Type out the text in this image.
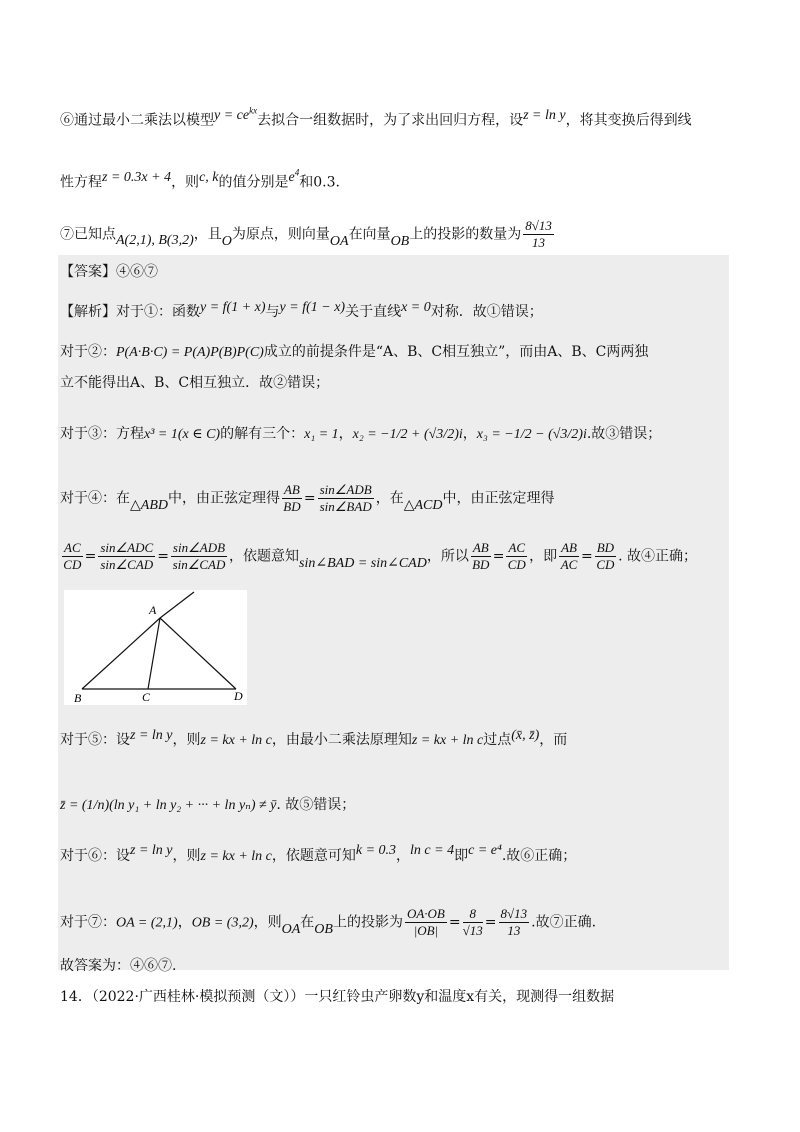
⑥通过最小二乘法以模型$y = ce^{kx}$去拟合一组数据时，为了求出回归方程，设z = ln y，将其变换后得到线
性方程z = 0.3x + 4，则c, k的值分别是$e^4$和0.3.
⑦已知点A(2,1), B(3,2)，且O为原点，则向量OA在向量OB上的投影的数量为 $\frac{8√13}{13}$
【答案】④⑥⑦
【解析】对于①：函数y = f(1 + x)与y = f(1 − x)关于直线x = 0对称．故①错误；
对于②：P(A·B·C) = P(A)P(B)P(C)成立的前提条件是“A、B、C相互独立”，而由A、B、C两两独
立不能得出A、B、C相互独立．故②错误；
对于③：方程x³ = 1(x ∈ C)的解有三个：x₁ = 1，x₂ = −1/2 + (√3/2)i，x₃ = −1/2 − (√3/2)i.故③错误；
对于④：在△ABD中，由正弦定理得 $\frac{AB}{BD} = \frac{\text{sin∠ADB}}{\text{sin∠BAD}}$ ，在△ACD中，由正弦定理得
$\frac{AC}{CD} = \frac{\text{sin∠ADC}}{\text{sin∠CAD}} = \frac{\text{sin∠ADB}}{\text{sin∠CAD}}$ ，依题意知sin∠BAD = sin∠CAD，所以 $\frac{AB}{BD} = \frac{AC}{CD}$ ，即 $\frac{AB}{AC} = \frac{BD}{CD}$ . 故④正确；
A
B	C	D
对于⑤：设z = ln y，则z = kx + ln c，由最小二乘法原理知z = kx + ln c过点(x̄, z̄)，而
z̄ = (1/n)(ln y₁ + ln y₂ + ··· + ln yₙ) ≠ ȳ. 故⑤错误；
对于⑥：设z = ln y，则z = kx + ln c，依题意可知k = 0.3，ln c = 4即c = e⁴.故⑥正确；
对于⑦：OA = (2,1)，OB = (3,2)，则OA在OB上的投影为 $\frac{OA\cdot OB}{|OB|} = \frac{8}{√13} = \frac{8√13}{13}$ .故⑦正确.
故答案为：④⑥⑦.
14．（2022·广西桂林·模拟预测（文））一只红铃虫产卵数y和温度x有关，现测得一组数据
